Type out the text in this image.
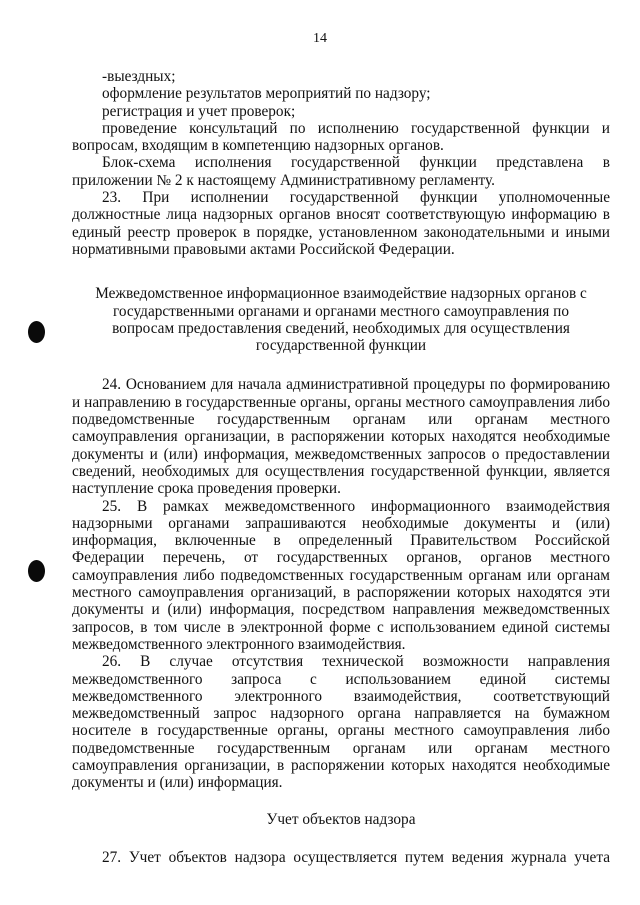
14

-выездных;

оформление результатов мероприятий по надзору;

регистрация и учет проверок;

проведение консультаций по исполнению государственной функции и вопросам, входящим в компетенцию надзорных органов.

Блок-схема исполнения государственной функции представлена в приложении № 2 к настоящему Административному регламенту.

23. При исполнении государственной функции уполномоченные должностные лица надзорных органов вносят соответствующую информацию в единый реестр проверок в порядке, установленном законодательными и иными нормативными правовыми актами Российской Федерации.

Межведомственное информационное взаимодействие надзорных органов с государственными органами и органами местного самоуправления по вопросам предоставления сведений, необходимых для осуществления государственной функции

24. Основанием для начала административной процедуры по формированию и направлению в государственные органы, органы местного самоуправления либо подведомственные государственным органам или органам местного самоуправления организации, в распоряжении которых находятся необходимые документы и (или) информация, межведомственных запросов о предоставлении сведений, необходимых для осуществления государственной функции, является наступление срока проведения проверки.

25. В рамках межведомственного информационного взаимодействия надзорными органами запрашиваются необходимые документы и (или) информация, включенные в определенный Правительством Российской Федерации перечень, от государственных органов, органов местного самоуправления либо подведомственных государственным органам или органам местного самоуправления организаций, в распоряжении которых находятся эти документы и (или) информация, посредством направления межведомственных запросов, в том числе в электронной форме с использованием единой системы межведомственного электронного взаимодействия.

26. В случае отсутствия технической возможности направления межведомственного запроса с использованием единой системы межведомственного электронного взаимодействия, соответствующий межведомственный запрос надзорного органа направляется на бумажном носителе в государственные органы, органы местного самоуправления либо подведомственные государственным органам или органам местного самоуправления организации, в распоряжении которых находятся необходимые документы и (или) информация.

Учет объектов надзора

27. Учет объектов надзора осуществляется путем ведения журнала учета
